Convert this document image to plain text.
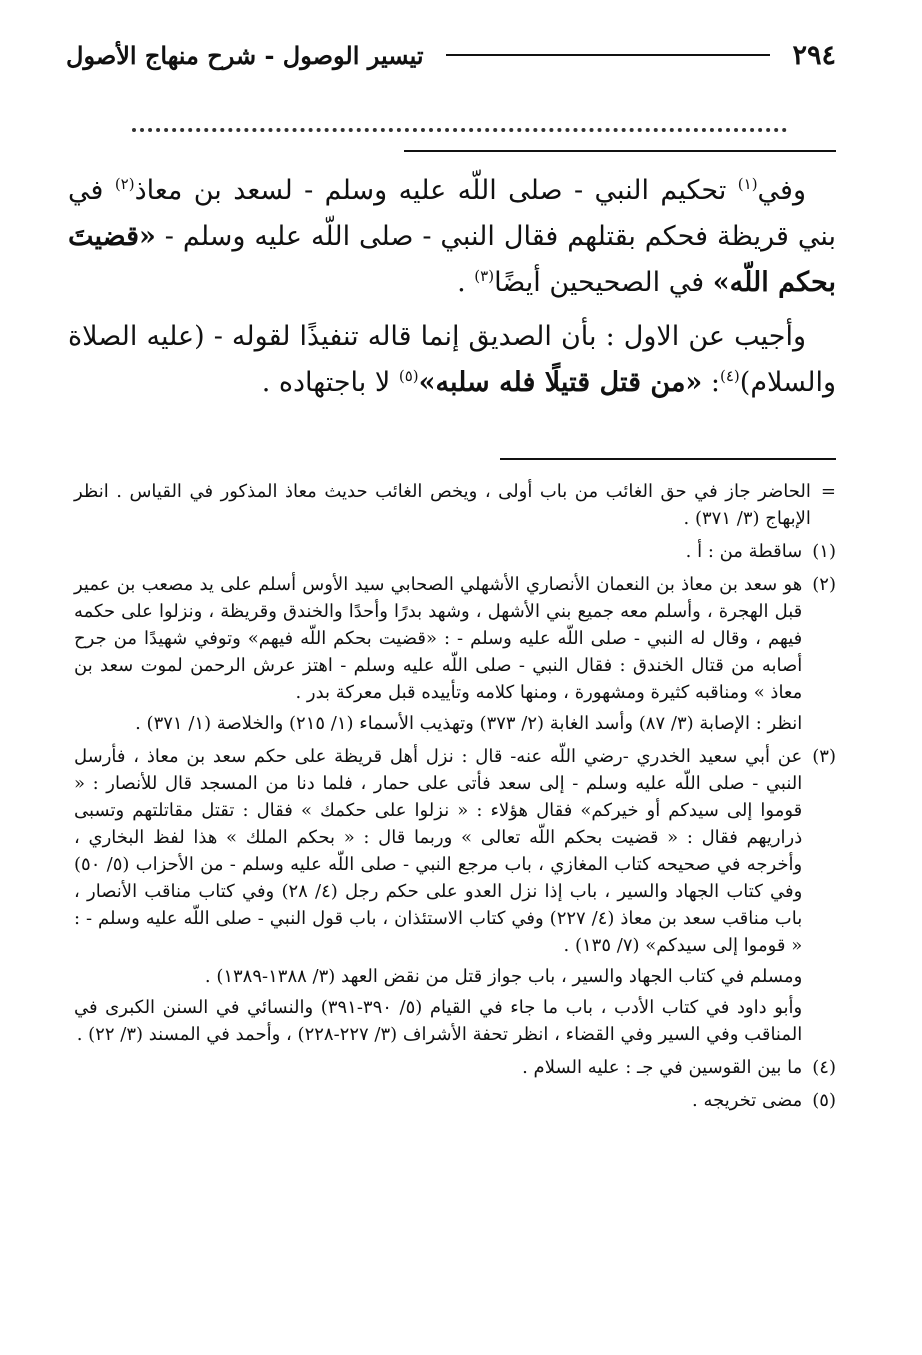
٢٩٤
تيسير الوصول - شرح منهاج الأصول

وفي$^{(١)}$ تحكيم النبي - صلى اللّه عليه وسلم - لسعد بن معاذ$^{(٢)}$ في بني قريظة فحكم بقتلهم فقال النبي - صلى اللّه عليه وسلم - «قضيتَ بحكم اللّه» في الصحيحين أيضًا$^{(٣)}$ .

وأجيب عن الاول : بأن الصديق إنما قاله تنفيذًا لقوله - (عليه الصلاة والسلام)$^{(٤)}$: «من قتل قتيلًا فله سلبه»$^{(٥)}$ لا باجتهاده .

=

الحاضر جاز في حق الغائب من باب أولى ، ويخص الغائب حديث معاذ المذكور في القياس . انظر الإبهاج (٣/ ٣٧١) .

(١)

ساقطة من : أ .

(٢)

هو سعد بن معاذ بن النعمان الأنصاري الأشهلي الصحابي سيد الأوس أسلم على يد مصعب بن عمير قبل الهجرة ، وأسلم معه جميع بني الأشهل ، وشهد بدرًا وأحدًا والخندق وقريظة ، ونزلوا على حكمه فيهم ، وقال له النبي - صلى اللّه عليه وسلم - : «قضيت بحكم اللّه فيهم» وتوفي شهيدًا من جرح أصابه من قتال الخندق : فقال النبي - صلى اللّه عليه وسلم - اهتز عرش الرحمن لموت سعد بن معاذ » ومناقبه كثيرة ومشهورة ، ومنها كلامه وتأييده قبل معركة بدر .

انظر : الإصابة (٣/ ٨٧) وأسد الغابة (٢/ ٣٧٣) وتهذيب الأسماء (١/ ٢١٥) والخلاصة (١/ ٣٧١) .

(٣)

عن أبي سعيد الخدري -رضي اللّه عنه- قال : نزل أهل قريظة على حكم سعد بن معاذ ، فأرسل النبي - صلى اللّه عليه وسلم - إلى سعد فأتى على حمار ، فلما دنا من المسجد قال للأنصار : « قوموا إلى سيدكم أو خيركم» فقال هؤلاء : « نزلوا على حكمك » فقال : تقتل مقاتلتهم وتسبى ذراريهم فقال : « قضيت بحكم اللّه تعالى » وربما قال : « بحكم الملك » هذا لفظ البخاري ، وأخرجه في صحيحه كتاب المغازي ، باب مرجع النبي - صلى اللّه عليه وسلم - من الأحزاب (٥/ ٥٠) وفي كتاب الجهاد والسير ، باب إذا نزل العدو على حكم رجل (٤/ ٢٨) وفي كتاب مناقب الأنصار ، باب مناقب سعد بن معاذ (٤/ ٢٢٧) وفي كتاب الاستئذان ، باب قول النبي - صلى اللّه عليه وسلم - : « قوموا إلى سيدكم» (٧/ ١٣٥) .

ومسلم في كتاب الجهاد والسير ، باب جواز قتل من نقض العهد (٣/ ١٣٨٨-١٣٨٩) .

وأبو داود في كتاب الأدب ، باب ما جاء في القيام (٥/ ٣٩٠-٣٩١) والنسائي في السنن الكبرى في المناقب وفي السير وفي القضاء ، انظر تحفة الأشراف (٣/ ٢٢٧-٢٢٨) ، وأحمد في المسند (٣/ ٢٢) .

(٤)

ما بين القوسين في جـ : عليه السلام .

(٥)

مضى تخريجه .
